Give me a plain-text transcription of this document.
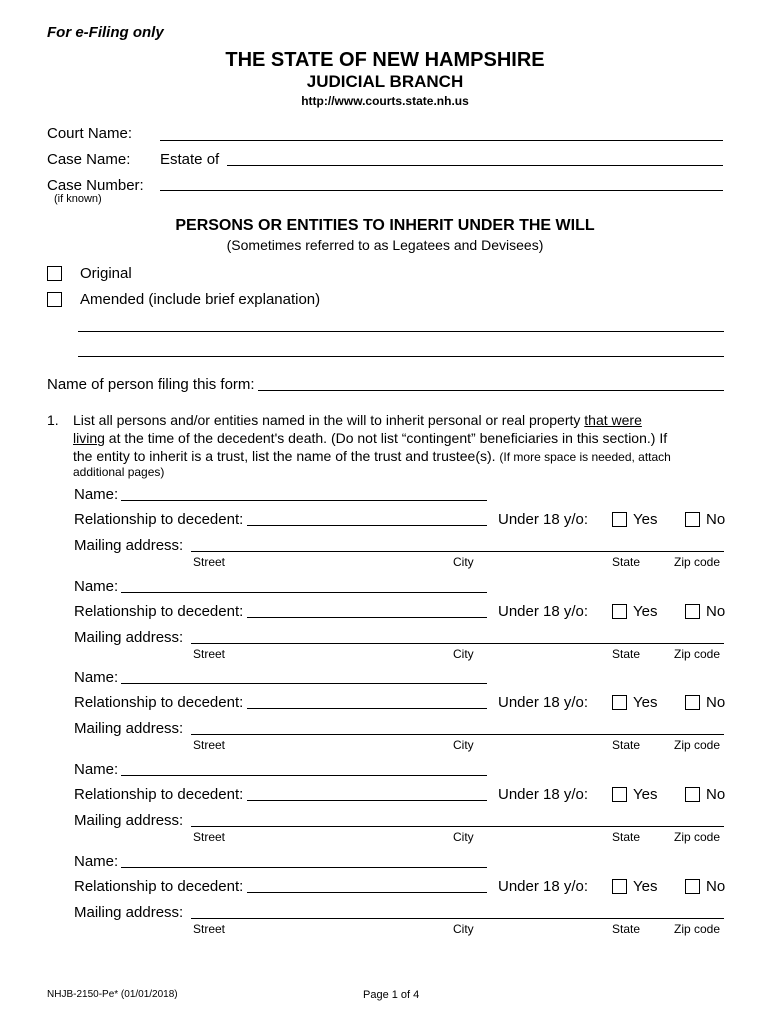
For e-Filing only
THE STATE OF NEW HAMPSHIRE
JUDICIAL BRANCH
http://www.courts.state.nh.us
Court Name:
Case Name: Estate of
Case Number:
(if known)
PERSONS OR ENTITIES TO INHERIT UNDER THE WILL
(Sometimes referred to as Legatees and Devisees)
Original
Amended (include brief explanation)
Name of person filing this form:
1. List all persons and/or entities named in the will to inherit personal or real property that were
living at the time of the decedent's death. (Do not list “contingent” beneficiaries in this section.) If
the entity to inherit is a trust, list the name of the trust and trustee(s). (If more space is needed, attach
additional pages)
Name:
Relationship to decedent:	Under 18 y/o:	Yes	No
Mailing address:
Street	City	State	Zip code
Name:
Relationship to decedent:	Under 18 y/o:	Yes	No
Mailing address:
Street	City	State	Zip code
Name:
Relationship to decedent:	Under 18 y/o:	Yes	No
Mailing address:
Street	City	State	Zip code
Name:
Relationship to decedent:	Under 18 y/o:	Yes	No
Mailing address:
Street	City	State	Zip code
Name:
Relationship to decedent:	Under 18 y/o:	Yes	No
Mailing address:
Street	City	State	Zip code
NHJB-2150-Pe* (01/01/2018)	Page 1 of 4
